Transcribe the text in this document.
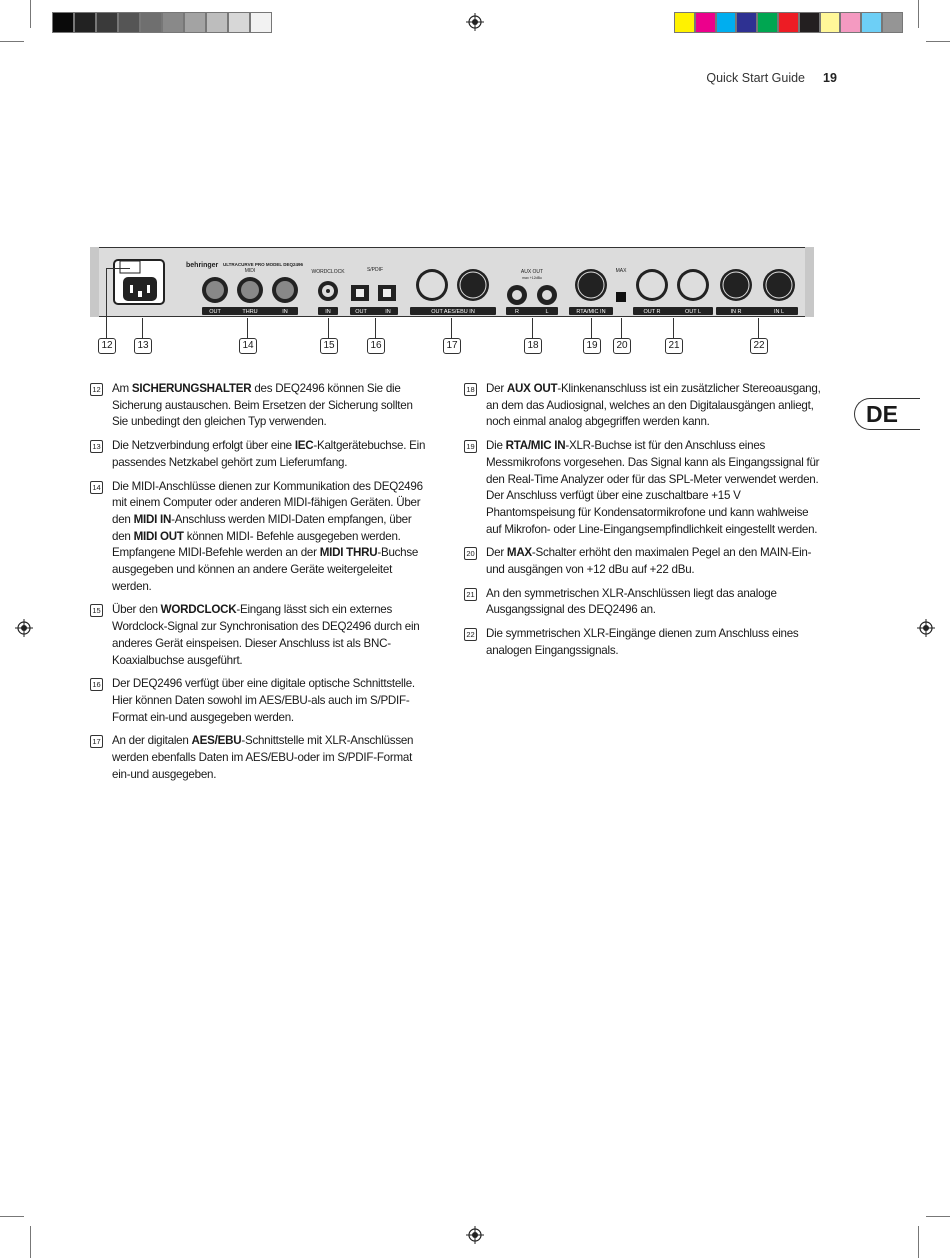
Quick Start Guide 19
DE
behringer ULTRACURVE PRO MODEL DEQ2496
MIDI
OUT	THRU	IN
WORDCLOCK
IN
S/PDIF
OUT	IN	OUT AES/EBU IN
AUX OUT
max +12dBu
R	L	RTA/MIC IN
MAX
OUT R	OUT L	IN R	IN L
12	13	14	15	16	17	18	19	20	21	22
12 Am SICHERUNGSHALTER des DEQ2496 können Sie die Sicherung austauschen. Beim Ersetzen der Sicherung sollten Sie unbedingt den gleichen Typ verwenden.
13 Die Netzverbindung erfolgt über eine IEC-Kaltgerätebuchse. Ein passendes Netzkabel gehört zum Lieferumfang.
14 Die MIDI-Anschlüsse dienen zur Kommunikation des DEQ2496 mit einem Computer oder anderen MIDI-fähigen Geräten. Über den MIDI IN-Anschluss werden MIDI-Daten empfangen, über den MIDI OUT können MIDI- Befehle ausgegeben werden. Empfangene MIDI-Befehle werden an der MIDI THRU-Buchse ausgegeben und können an andere Geräte weitergeleitet werden.
15 Über den WORDCLOCK-Eingang lässt sich ein externes Wordclock-Signal zur Synchronisation des DEQ2496 durch ein anderes Gerät einspeisen. Dieser Anschluss ist als BNC-Koaxialbuchse ausgeführt.
16 Der DEQ2496 verfügt über eine digitale optische Schnittstelle. Hier können Daten sowohl im AES/EBU-als auch im S/PDIF-Format ein-und ausgegeben werden.
17 An der digitalen AES/EBU-Schnittstelle mit XLR-Anschlüssen werden ebenfalls Daten im AES/EBU-oder im S/PDIF-Format ein-und ausgegeben.
18 Der AUX OUT-Klinkenanschluss ist ein zusätzlicher Stereoausgang, an dem das Audiosignal, welches an den Digitalausgängen anliegt, noch einmal analog abgegriffen werden kann.
19 Die RTA/MIC IN-XLR-Buchse ist für den Anschluss eines Messmikrofons vorgesehen. Das Signal kann als Eingangssignal für den Real-Time Analyzer oder für das SPL-Meter verwendet werden. Der Anschluss verfügt über eine zuschaltbare +15 V Phantomspeisung für Kondensatormikrofone und kann wahlweise auf Mikrofon- oder Line-Eingangsempfindlichkeit eingestellt werden.
20 Der MAX-Schalter erhöht den maximalen Pegel an den MAIN-Ein-und ausgängen von +12 dBu auf +22 dBu.
21 An den symmetrischen XLR-Anschlüssen liegt das analoge Ausgangssignal des DEQ2496 an.
22 Die symmetrischen XLR-Eingänge dienen zum Anschluss eines analogen Eingangssignals.
